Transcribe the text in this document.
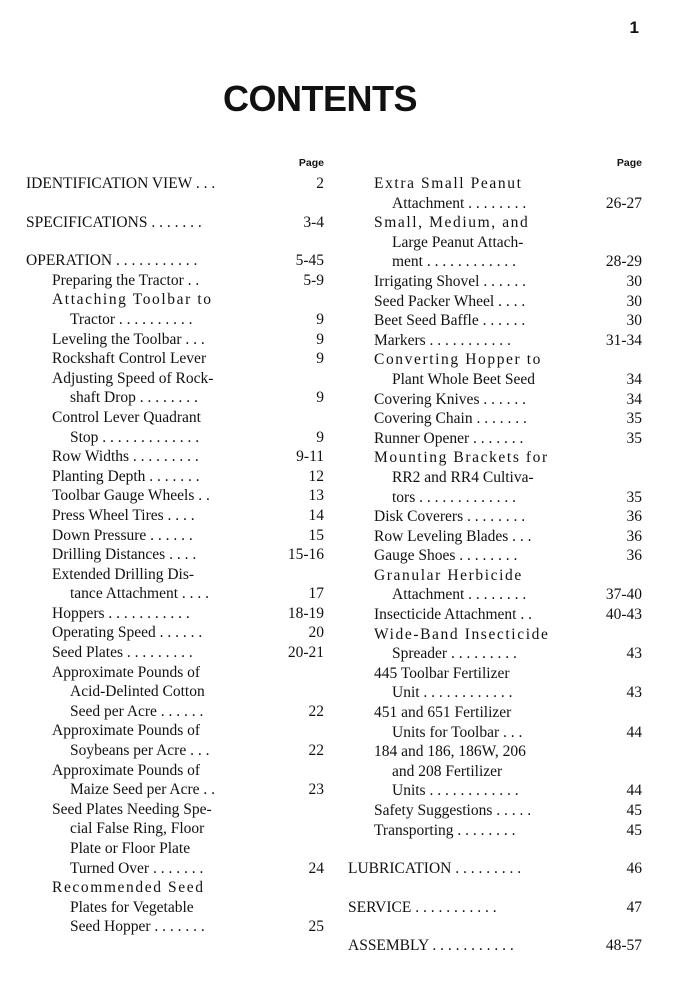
1
CONTENTS
Page
IDENTIFICATION VIEW . . .	2
SPECIFICATIONS . . . . . . .	3-4
OPERATION . . . . . . . . . . .	5-45
Preparing the Tractor . .	5-9
Attaching Toolbar to
Tractor . . . . . . . . . .	9
Leveling the Toolbar . . .	9
Rockshaft Control Lever	9
Adjusting Speed of Rock-
shaft Drop . . . . . . . .	9
Control Lever Quadrant
Stop . . . . . . . . . . . . .	9
Row Widths . . . . . . . . .	9-11
Planting Depth . . . . . . .	12
Toolbar Gauge Wheels . .	13
Press Wheel Tires . . . .	14
Down Pressure . . . . . .	15
Drilling Distances . . . .	15-16
Extended Drilling Dis-
tance Attachment . . . .	17
Hoppers . . . . . . . . . . .	18-19
Operating Speed . . . . . .	20
Seed Plates . . . . . . . . .	20-21
Approximate Pounds of
Acid-Delinted Cotton
Seed per Acre . . . . . .	22
Approximate Pounds of
Soybeans per Acre . . .	22
Approximate Pounds of
Maize Seed per Acre . .	23
Seed Plates Needing Spe-
cial False Ring, Floor
Plate or Floor Plate
Turned Over . . . . . . .	24
Recommended Seed
Plates for Vegetable
Seed Hopper . . . . . . .	25
Page
Extra Small Peanut
Attachment . . . . . . . .	26-27
Small, Medium, and
Large Peanut Attach-
ment . . . . . . . . . . . .	28-29
Irrigating Shovel . . . . . .	30
Seed Packer Wheel . . . .	30
Beet Seed Baffle . . . . . .	30
Markers . . . . . . . . . . .	31-34
Converting Hopper to
Plant Whole Beet Seed	34
Covering Knives . . . . . .	34
Covering Chain . . . . . . .	35
Runner Opener . . . . . . .	35
Mounting Brackets for
RR2 and RR4 Cultiva-
tors . . . . . . . . . . . . .	35
Disk Coverers . . . . . . . .	36
Row Leveling Blades . . .	36
Gauge Shoes . . . . . . . .	36
Granular Herbicide
Attachment . . . . . . . .	37-40
Insecticide Attachment . .	40-43
Wide-Band Insecticide
Spreader . . . . . . . . .	43
445 Toolbar Fertilizer
Unit . . . . . . . . . . . .	43
451 and 651 Fertilizer
Units for Toolbar . . .	44
184 and 186, 186W, 206
and 208 Fertilizer
Units . . . . . . . . . . . .	44
Safety Suggestions . . . . .	45
Transporting . . . . . . . .	45
LUBRICATION . . . . . . . . .	46
SERVICE . . . . . . . . . . .	47
ASSEMBLY . . . . . . . . . . .	48-57
